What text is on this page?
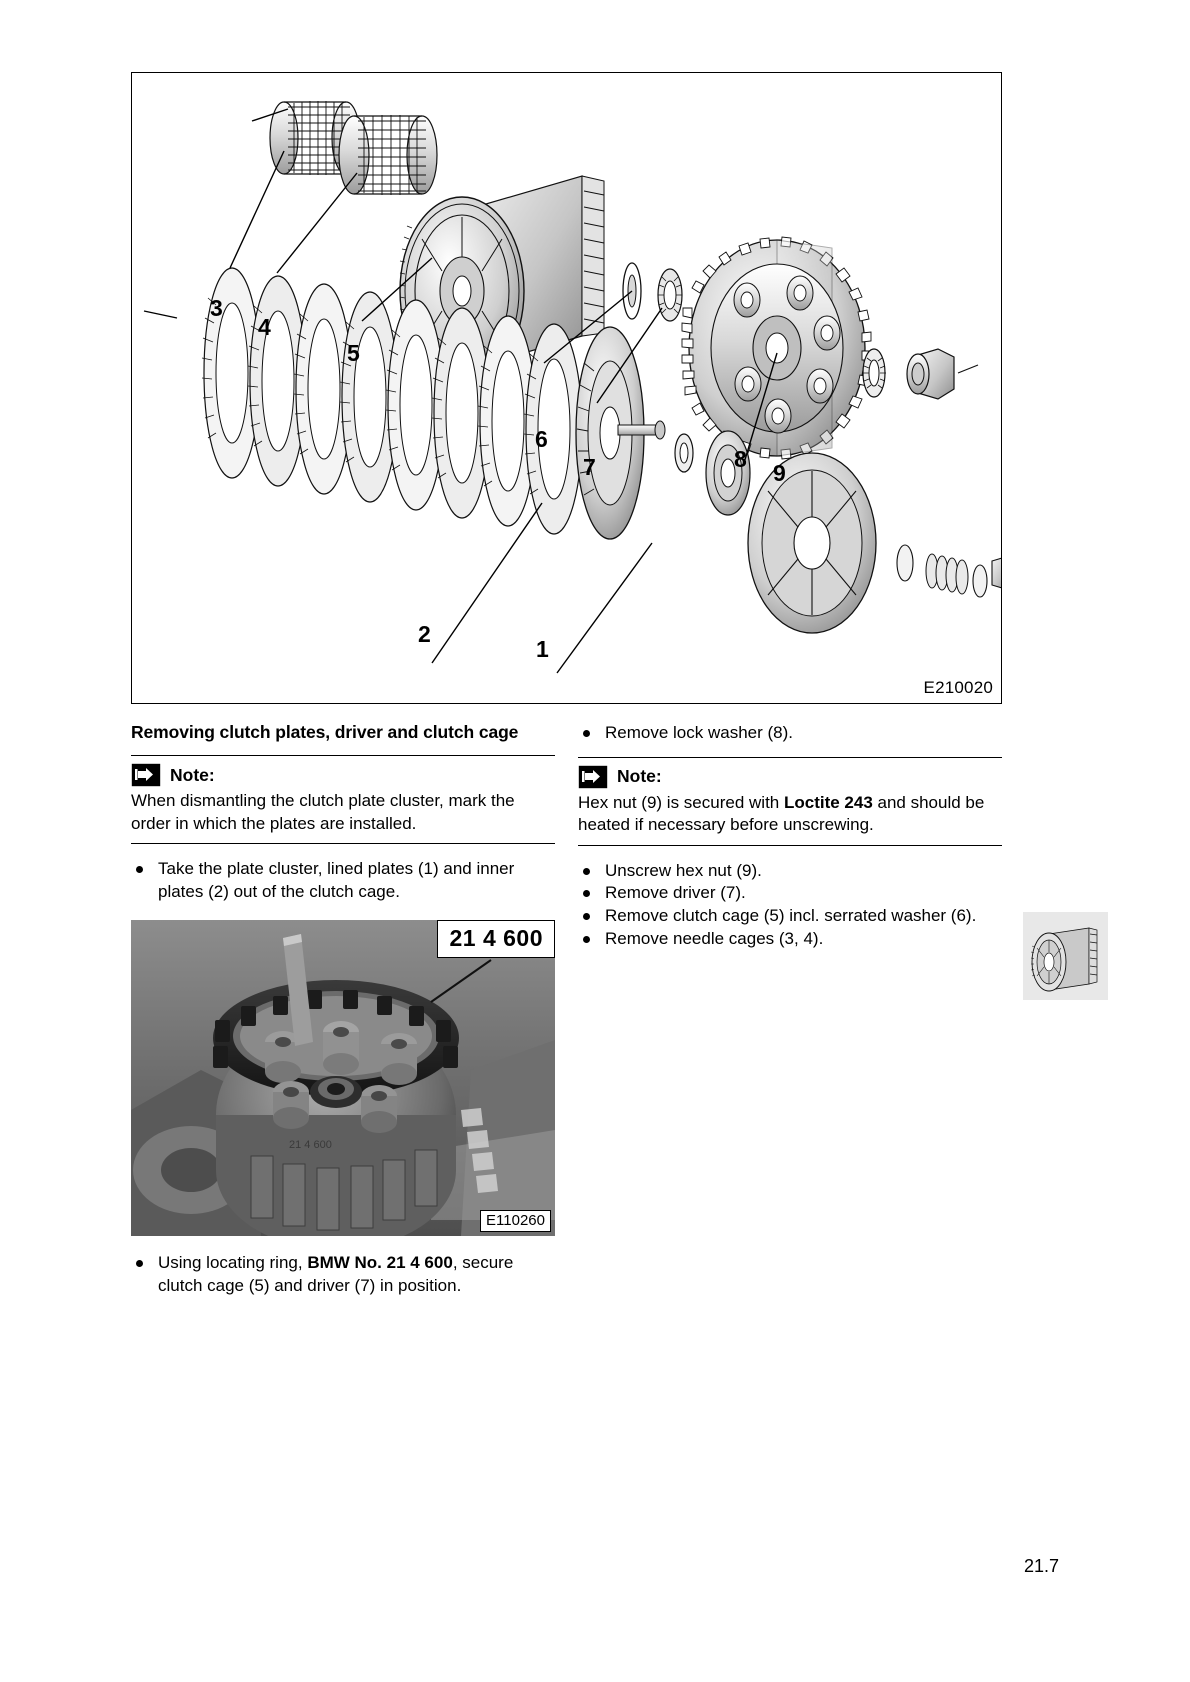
E210020
3
4
5
6
7	8
9
2
1
Removing clutch plates, driver and clutch cage
Note:
When dismantling the clutch plate cluster, mark the order in which the plates are installed.
Take the plate cluster, lined plates (1) and inner plates (2) out of the clutch cage.
21 4 600
21 4 600
E110260
Using locating ring, BMW No. 21 4 600, secure clutch cage (5) and driver (7) in position.
Remove lock washer (8).
Note:
Hex nut (9) is secured with Loctite 243 and should be heated if necessary before unscrewing.
Unscrew hex nut (9).
Remove driver (7).
Remove clutch cage (5) incl. serrated washer (6).
Remove needle cages (3, 4).
21.7
